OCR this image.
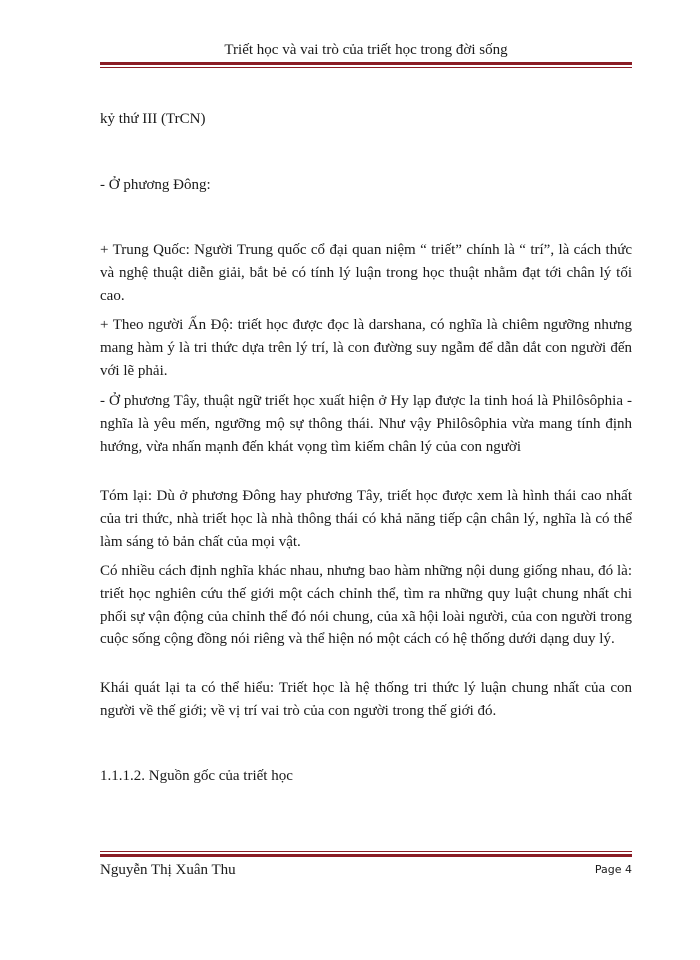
Triết học và vai trò của triết học trong đời sống

kỷ thứ III (TrCN)

- Ở phương Đông:

+ Trung Quốc: Người Trung quốc cổ đại quan niệm “ triết” chính là “ trí”, là cách thức và nghệ thuật diễn giải, bắt bẻ có tính lý luận trong học thuật nhằm đạt tới chân lý tối cao.

+ Theo người Ấn Độ: triết học được đọc là darshana, có nghĩa là chiêm ngưỡng nhưng mang hàm ý là tri thức dựa trên lý trí, là con đường suy ngẫm để dẫn dắt con người đến với lẽ phải.

- Ở phương Tây, thuật ngữ triết học xuất hiện ở Hy lạp được la tinh hoá là Philôsôphia - nghĩa là yêu mến, ngưỡng mộ sự thông thái. Như vậy Philôsôphia vừa mang tính định hướng, vừa nhấn mạnh đến khát vọng tìm kiếm chân lý của con người

Tóm lại: Dù ở phương Đông hay phương Tây, triết học được xem là hình thái cao nhất của tri thức, nhà triết học là nhà thông thái có khả năng tiếp cận chân lý, nghĩa là có thể làm sáng tỏ bản chất của mọi vật.

Có nhiều cách định nghĩa khác nhau, nhưng bao hàm những nội dung giống nhau, đó là: triết học nghiên cứu thế giới một cách chỉnh thể, tìm ra những quy luật chung nhất chi phối sự vận động của chỉnh thể đó nói chung, của xã hội loài người, của con người trong cuộc sống cộng đồng nói riêng và thể hiện nó một cách có hệ thống dưới dạng duy lý.

Khái quát lại ta có thể hiểu: Triết học là hệ thống tri thức lý luận chung nhất của con người về thế giới; về vị trí vai trò của con người trong thế giới đó.

1.1.1.2. Nguồn gốc của triết học

Nguyễn Thị Xuân Thu	Page 4
